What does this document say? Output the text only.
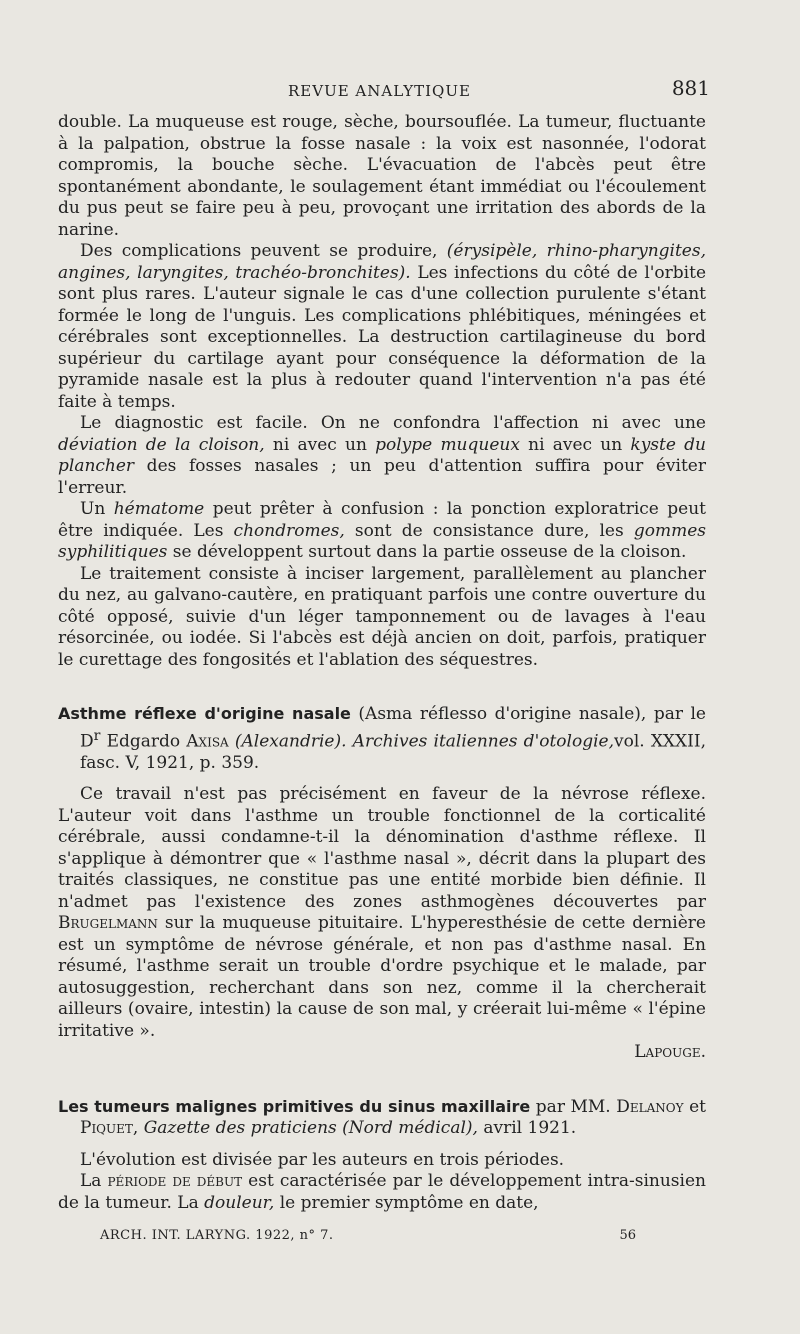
REVUE ANALYTIQUE	881

double. La muqueuse est rouge, sèche, boursouflée. La tumeur, fluctuante à la palpation, obstrue la fosse nasale : la voix est nasonnée, l'odorat compromis, la bouche sèche. L'évacuation de l'abcès peut être spontanément abondante, le soulagement étant immédiat ou l'écoulement du pus peut se faire peu à peu, provoçant une irritation des abords de la narine.

Des complications peuvent se produire, (érysipèle, rhino-pharyngites, angines, laryngites, trachéo-bronchites). Les infections du côté de l'orbite sont plus rares. L'auteur signale le cas d'une collection purulente s'étant formée le long de l'unguis. Les complications phlébitiques, méningées et cérébrales sont exceptionnelles. La destruction cartilagineuse du bord supérieur du cartilage ayant pour conséquence la déformation de la pyramide nasale est la plus à redouter quand l'intervention n'a pas été faite à temps.

Le diagnostic est facile. On ne confondra l'affection ni avec une déviation de la cloison, ni avec un polype muqueux ni avec un kyste du plancher des fosses nasales ; un peu d'attention suffira pour éviter l'erreur.

Un hématome peut prêter à confusion : la ponction exploratrice peut être indiquée. Les chondromes, sont de consistance dure, les gommes syphilitiques se développent surtout dans la partie osseuse de la cloison.

Le traitement consiste à inciser largement, parallèlement au plancher du nez, au galvano-cautère, en pratiquant parfois une contre ouverture du côté opposé, suivie d'un léger tamponnement ou de lavages à l'eau résorcinée, ou iodée. Si l'abcès est déjà ancien on doit, parfois, pratiquer le curettage des fongosités et l'ablation des séquestres.

Asthme réflexe d'origine nasale (Asma réflesso d'origine nasale), par le $D^r$ Edgardo Axisa (Alexandrie). Archives italiennes d'otologie,vol. XXXII, fasc. V, 1921, p. 359.

Ce travail n'est pas précisément en faveur de la névrose réflexe. L'auteur voit dans l'asthme un trouble fonctionnel de la corticalité cérébrale, aussi condamne-t-il la dénomination d'asthme réflexe. Il s'applique à démontrer que « l'asthme nasal », décrit dans la plupart des traités classiques, ne constitue pas une entité morbide bien définie. Il n'admet pas l'existence des zones asthmogènes découvertes par Brugelmann sur la muqueuse pituitaire. L'hyperesthésie de cette dernière est un symptôme de névrose générale, et non pas d'asthme nasal. En résumé, l'asthme serait un trouble d'ordre psychique et le malade, par autosuggestion, recherchant dans son nez, comme il la chercherait ailleurs (ovaire, intestin) la cause de son mal, y créerait lui-même « l'épine irritative ».
Lapouge.

Les tumeurs malignes primitives du sinus maxillaire par MM. Delanoy et Piquet, Gazette des praticiens (Nord médical), avril 1921.

L'évolution est divisée par les auteurs en trois périodes.

La période de début est caractérisée par le développement intra-sinusien de la tumeur. La douleur, le premier symptôme en date,

ARCH. INT. LARYNG. 1922, n° 7.	56
